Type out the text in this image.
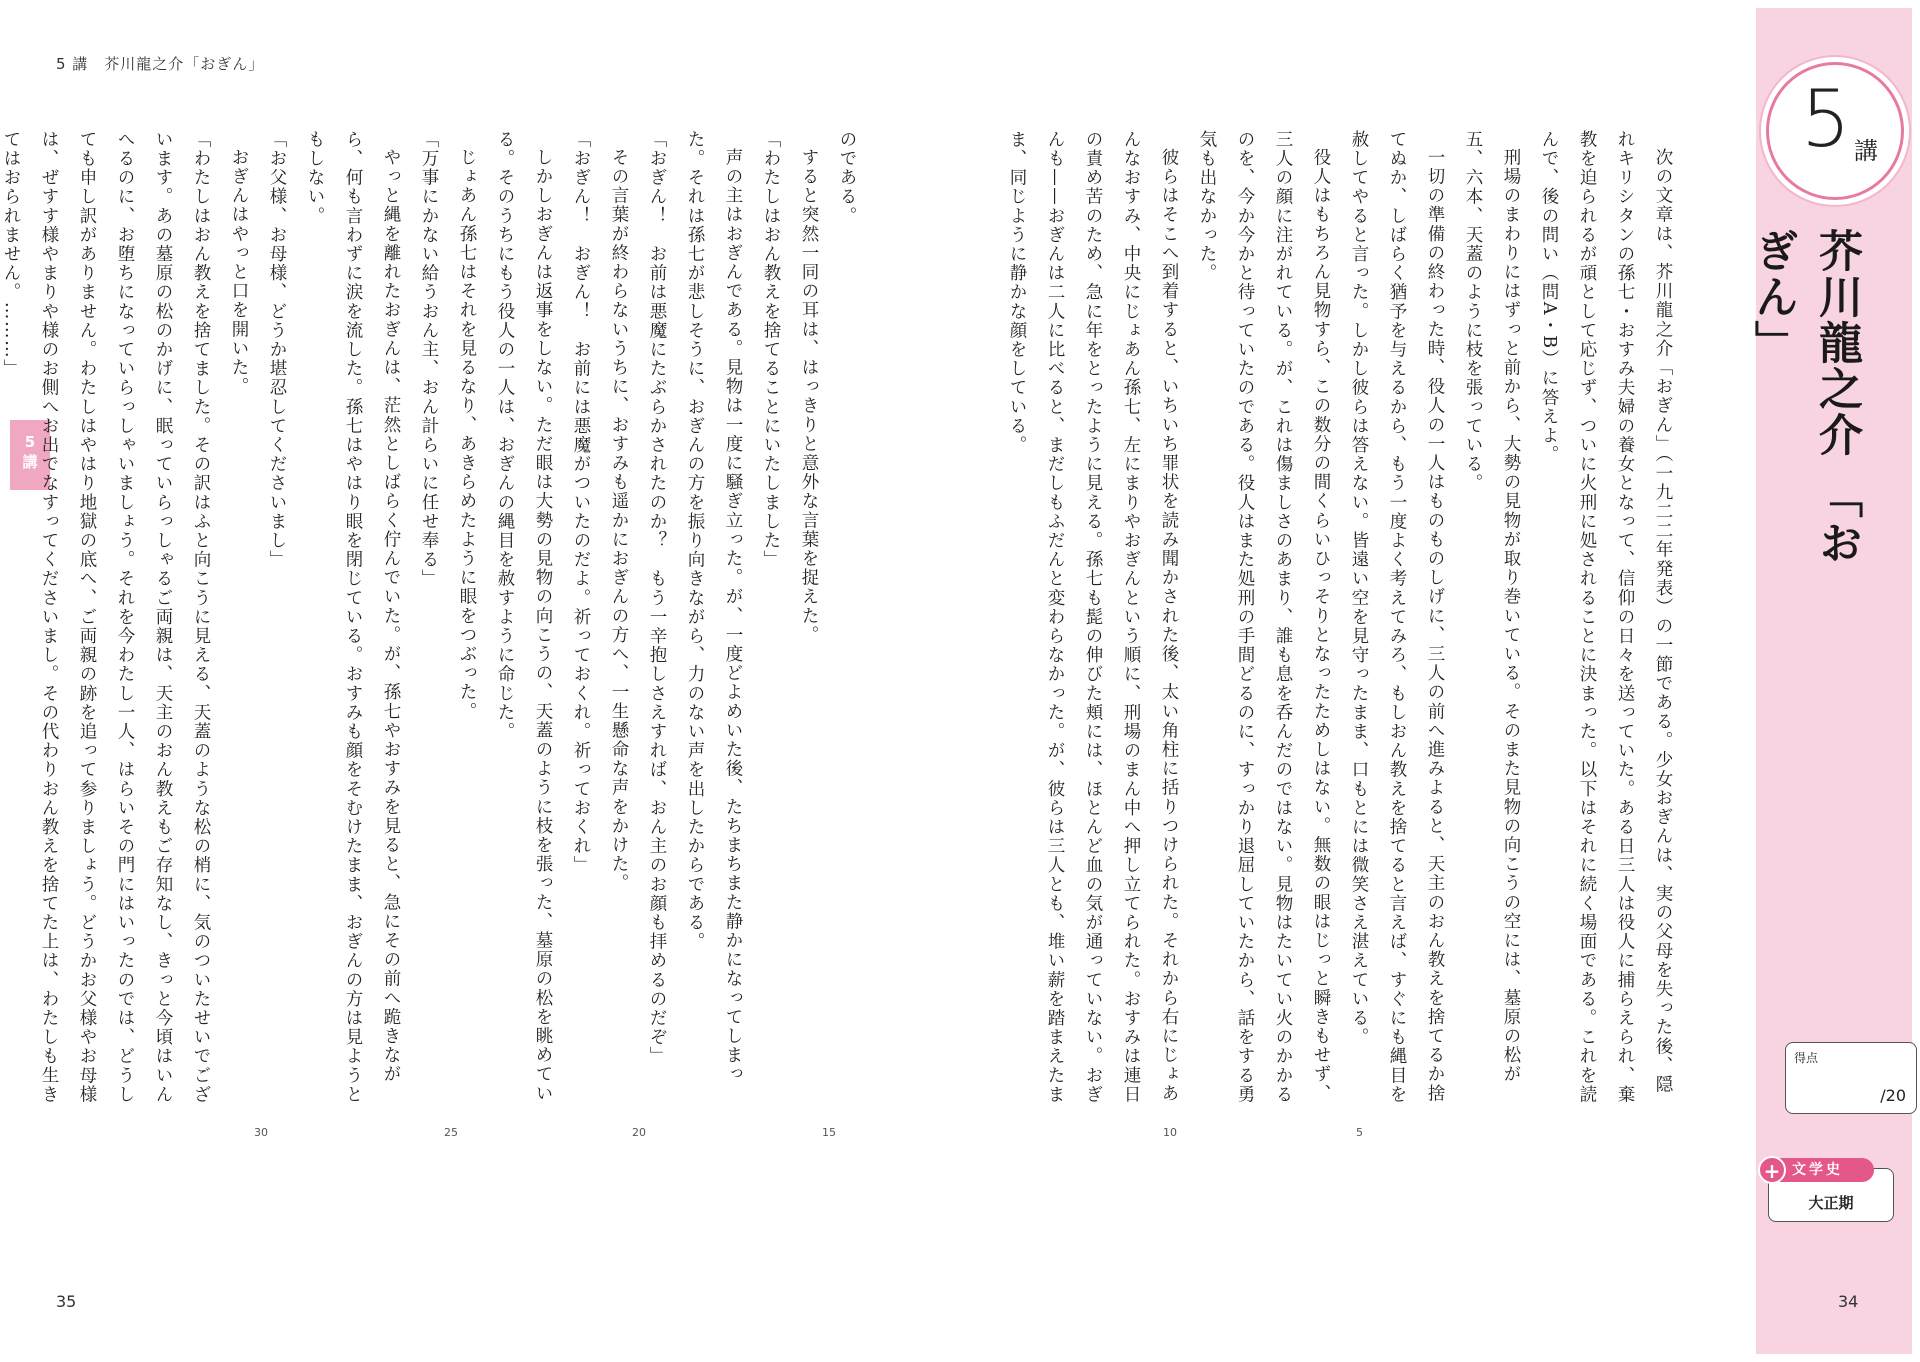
5 講　芥川龍之介「おぎん」
5
講
5 講
芥川龍之介「おぎん」
得点
/20
文学史
+
大正期

次の文章は、芥川龍之介「おぎん」（一九二二年発表）の一節である。少女おぎんは、実の父母を失った後、隠れキリシタンの孫七・おすみ夫婦の養女となって、信仰の日々を送っていた。ある日三人は役人に捕らえられ、棄教を迫られるが頑として応じず、ついに火刑に処されることに決まった。以下はそれに続く場面である。これを読んで、後の問い（問A・B）に答えよ。

刑場のまわりにはずっと前から、大勢の見物が取り巻いている。そのまた見物の向こうの空には、墓原の松が五、六本、天蓋のように枝を張っている。

一切の準備の終わった時、役人の一人はものものしげに、三人の前へ進みよると、天主のおん教えを捨てるか捨てぬか、しばらく猶予を与えるから、もう一度よく考えてみろ、もしおん教えを捨てると言えば、すぐにも縄目を赦してやると言った。しかし彼らは答えない。皆遠い空を見守ったまま、口もとには微笑さえ湛えている。

役人はもちろん見物すら、この数分の間くらいひっそりとなったためしはない。無数の眼はじっと瞬きもせず、三人の顔に注がれている。が、これは傷ましさのあまり、誰も息を呑んだのではない。見物はたいてい火のかかるのを、今か今かと待っていたのである。役人はまた処刑の手間どるのに、すっかり退屈していたから、話をする勇気も出なかった。

彼らはそこへ到着すると、いちいち罪状を読み聞かされた後、太い角柱に括りつけられた。それから右にじょあんなおすみ、中央にじょあん孫七、左にまりやおぎんという順に、刑場のまん中へ押し立てられた。おすみは連日の責め苦のため、急に年をとったように見える。孫七も髭の伸びた頬には、ほとんど血の気が通っていない。おぎんも——おぎんは二人に比べると、まだしもふだんと変わらなかった。が、彼らは三人とも、堆い薪を踏まえたまま、同じように静かな顔をしている。

のである。

すると突然一同の耳は、はっきりと意外な言葉を捉えた。

「わたしはおん教えを捨てることにいたしました」

声の主はおぎんである。見物は一度に騒ぎ立った。が、一度どよめいた後、たちまちまた静かになってしまった。それは孫七が悲しそうに、おぎんの方を振り向きながら、力のない声を出したからである。

「おぎん！　お前は悪魔にたぶらかされたのか？　もう一辛抱しさえすれば、おん主のお顔も拝めるのだぞ」

その言葉が終わらないうちに、おすみも遥かにおぎんの方へ、一生懸命な声をかけた。

「おぎん！　おぎん！　お前には悪魔がついたのだよ。祈っておくれ。祈っておくれ」

しかしおぎんは返事をしない。ただ眼は大勢の見物の向こうの、天蓋のように枝を張った、墓原の松を眺めている。そのうちにもう役人の一人は、おぎんの縄目を赦すように命じた。

じょあん孫七はそれを見るなり、あきらめたように眼をつぶった。

「万事にかない給うおん主、おん計らいに任せ奉る」

やっと縄を離れたおぎんは、茫然としばらく佇んでいた。が、孫七やおすみを見ると、急にその前へ跪きながら、何も言わずに涙を流した。孫七はやはり眼を閉じている。おすみも顔をそむけたまま、おぎんの方は見ようともしない。

「お父様、お母様、どうか堪忍してくださいまし」

おぎんはやっと口を開いた。

「わたしはおん教えを捨てました。その訳はふと向こうに見える、天蓋のような松の梢に、気のついたせいでございます。あの墓原の松のかげに、眠っていらっしゃるご両親は、天主のおん教えもご存知なし、きっと今頃はいんへるのに、お堕ちになっていらっしゃいましょう。それを今わたし一人、はらいその門にはいったのでは、どうしても申し訳がありません。わたしはやはり地獄の底へ、ご両親の跡を追って参りましょう。どうかお父様やお母様は、ぜすす様やまりや様のお側へお出でなすってくださいまし。その代わりおん教えを捨てた上は、わたしも生きてはおられません。………」

5
10
15
20
25
30
35	34
